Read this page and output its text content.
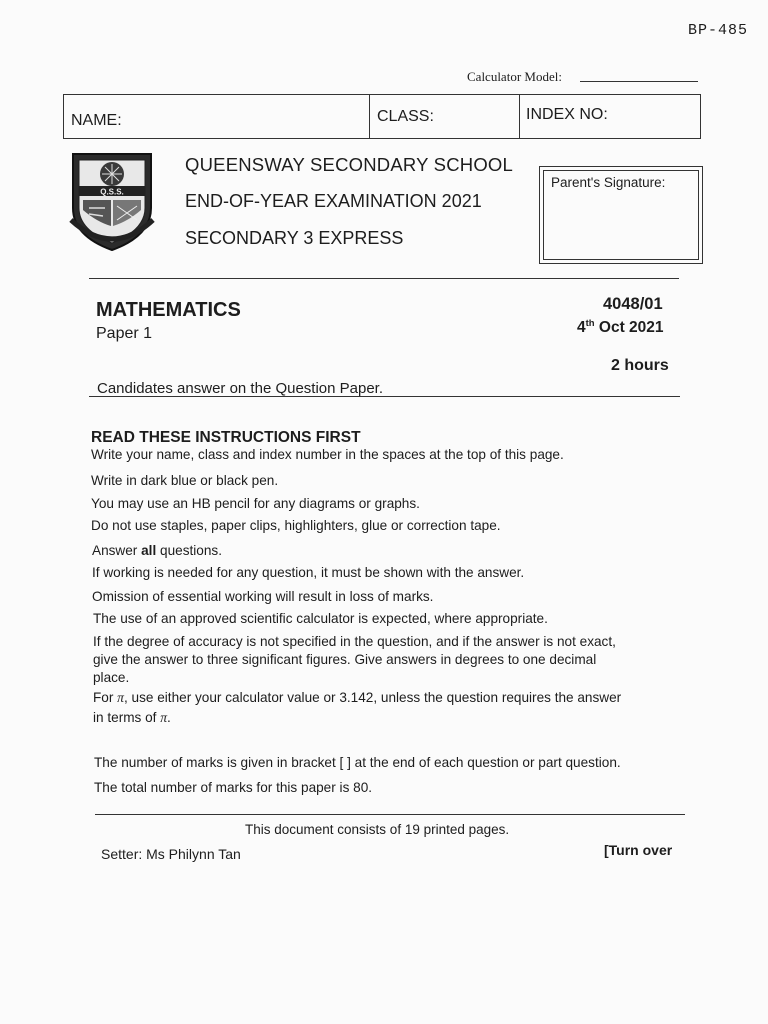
BP-485
Calculator Model:
NAME:	CLASS:	INDEX NO:
Q.S.S.
QUEENSWAY SECONDARY SCHOOL
END-OF-YEAR EXAMINATION 2021
SECONDARY 3 EXPRESS
Parent's Signature:
MATHEMATICS
Paper 1
4048/01
4th Oct 2021
2 hours
Candidates answer on the Question Paper.
READ THESE INSTRUCTIONS FIRST
Write your name, class and index number in the spaces at the top of this page.
Write in dark blue or black pen.
You may use an HB pencil for any diagrams or graphs.
Do not use staples, paper clips, highlighters, glue or correction tape.
Answer all questions.
If working is needed for any question, it must be shown with the answer.
Omission of essential working will result in loss of marks.
The use of an approved scientific calculator is expected, where appropriate.
If the degree of accuracy is not specified in the question, and if the answer is not exact,
give the answer to three significant figures. Give answers in degrees to one decimal
place.
For π, use either your calculator value or 3.142, unless the question requires the answer
in terms of π.
The number of marks is given in bracket [ ] at the end of each question or part question.
The total number of marks for this paper is 80.
This document consists of 19 printed pages.
Setter: Ms Philynn Tan	[Turn over
